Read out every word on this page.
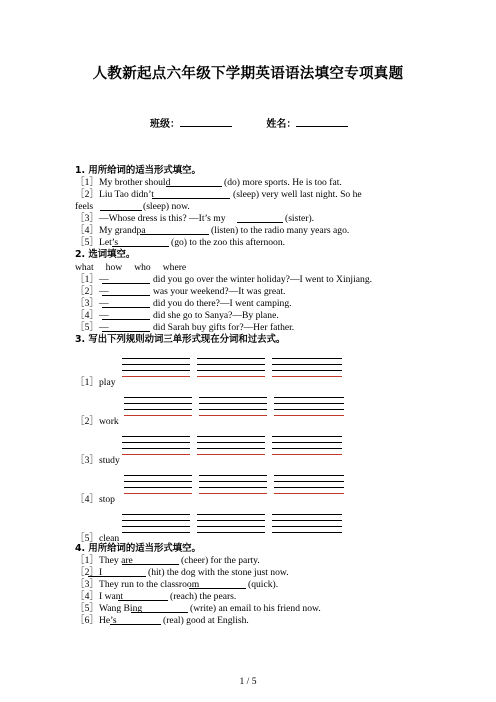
人教新起点六年级下学期英语语法填空专项真题
班级：	姓名：
1. 用所给词的适当形式填空。
［1］My brother should	(do) more sports. He is too fat.
［2］Liu Tao didn’t	(sleep) very well last night. So he
feels	(sleep) now.
［3］—Whose dress is this? —It’s my	(sister).
［4］My grandpa	(listen) to the radio many years ago.
［5］Let’s	(go) to the zoo this afternoon.
2. 选词填空。
what how who where
［1］—	did you go over the winter holiday?—I went to Xinjiang.
［2］—	was your weekend?—It was great.
［3］—	did you do there?—I went camping.
［4］—	did she go to Sanya?—By plane.
［5］—	did Sarah buy gifts for?—Her father.
3. 写出下列规则动词三单形式现在分词和过去式。
［1］play
［2］work
［3］study
［4］stop
［5］clean
4. 用所给词的适当形式填空。
［1］They are	(cheer) for the party.
［2］I	(hit) the dog with the stone just now.
［3］They run to the classroom	(quick).
［4］I want	(reach) the pears.
［5］Wang Bing	(write) an email to his friend now.
［6］He’s	(real) good at English.
1 / 5
